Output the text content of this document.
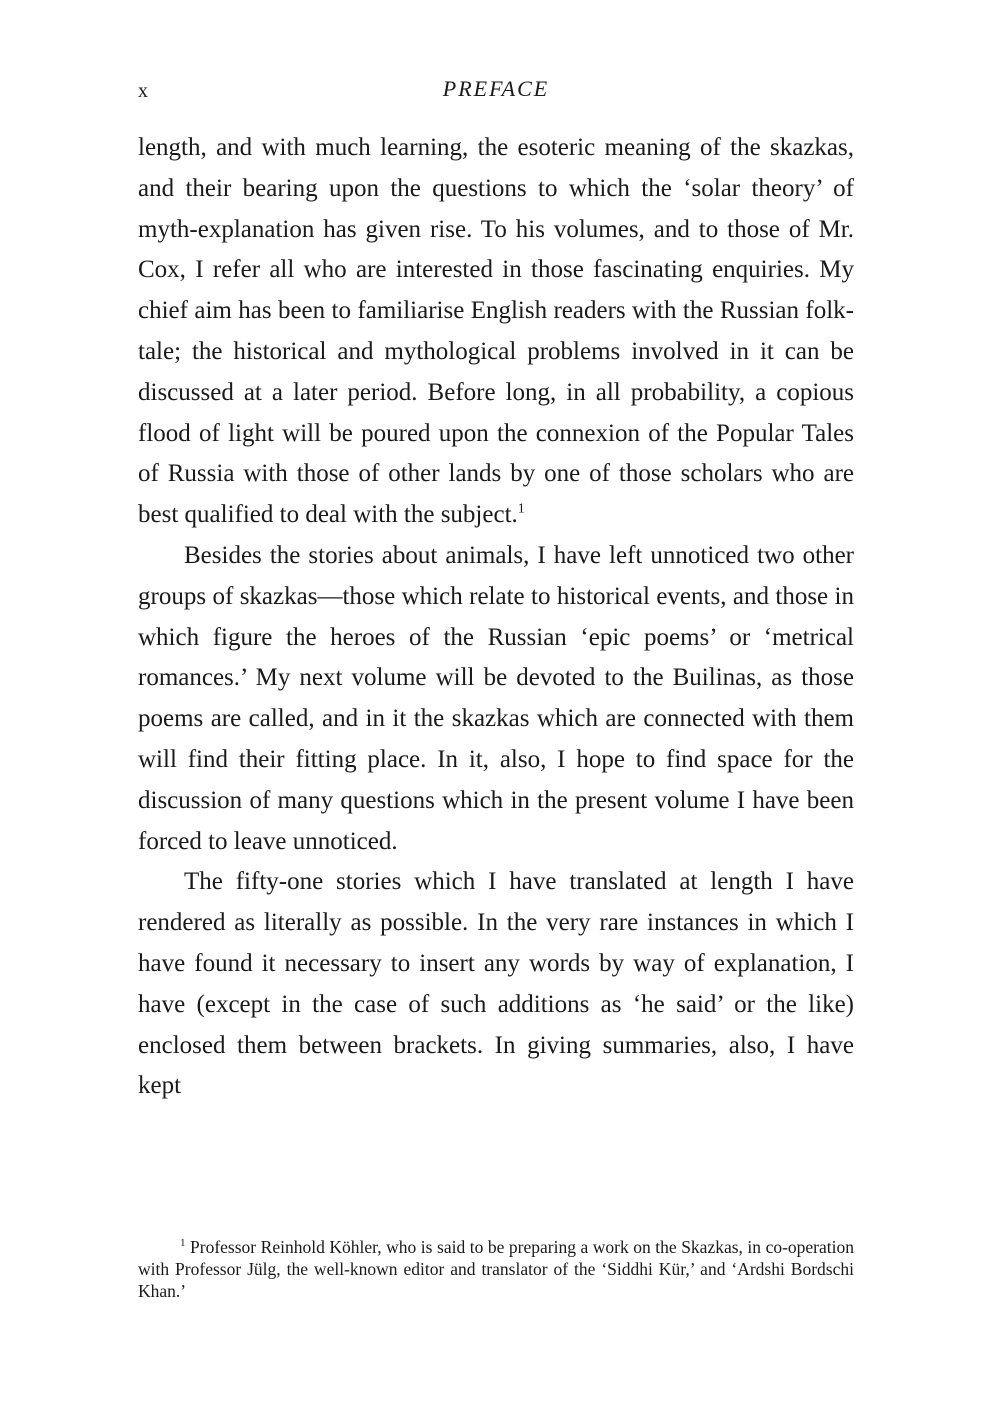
x	PREFACE

length, and with much learning, the esoteric meaning of the skazkas, and their bearing upon the questions to which the ‘solar theory’ of myth-explanation has given rise. To his volumes, and to those of Mr. Cox, I refer all who are interested in those fascinating enquiries. My chief aim has been to familiarise English readers with the Russian folk-tale; the historical and mythological problems involved in it can be discussed at a later period. Before long, in all probability, a copious flood of light will be poured upon the connexion of the Popular Tales of Russia with those of other lands by one of those scholars who are best qualified to deal with the subject.$^1$

Besides the stories about animals, I have left unnoticed two other groups of skazkas—those which relate to historical events, and those in which figure the heroes of the Russian ‘epic poems’ or ‘metrical romances.’ My next volume will be devoted to the Builinas, as those poems are called, and in it the skazkas which are connected with them will find their fitting place. In it, also, I hope to find space for the discussion of many questions which in the present volume I have been forced to leave unnoticed.

The fifty-one stories which I have translated at length I have rendered as literally as possible. In the very rare instances in which I have found it necessary to insert any words by way of explanation, I have (except in the case of such additions as ‘he said’ or the like) enclosed them between brackets. In giving summaries, also, I have kept

$^1$ Professor Reinhold Köhler, who is said to be preparing a work on the Skazkas, in co-operation with Professor Jülg, the well-known editor and translator of the ‘Siddhi Kür,’ and ‘Ardshi Bordschi Khan.’
